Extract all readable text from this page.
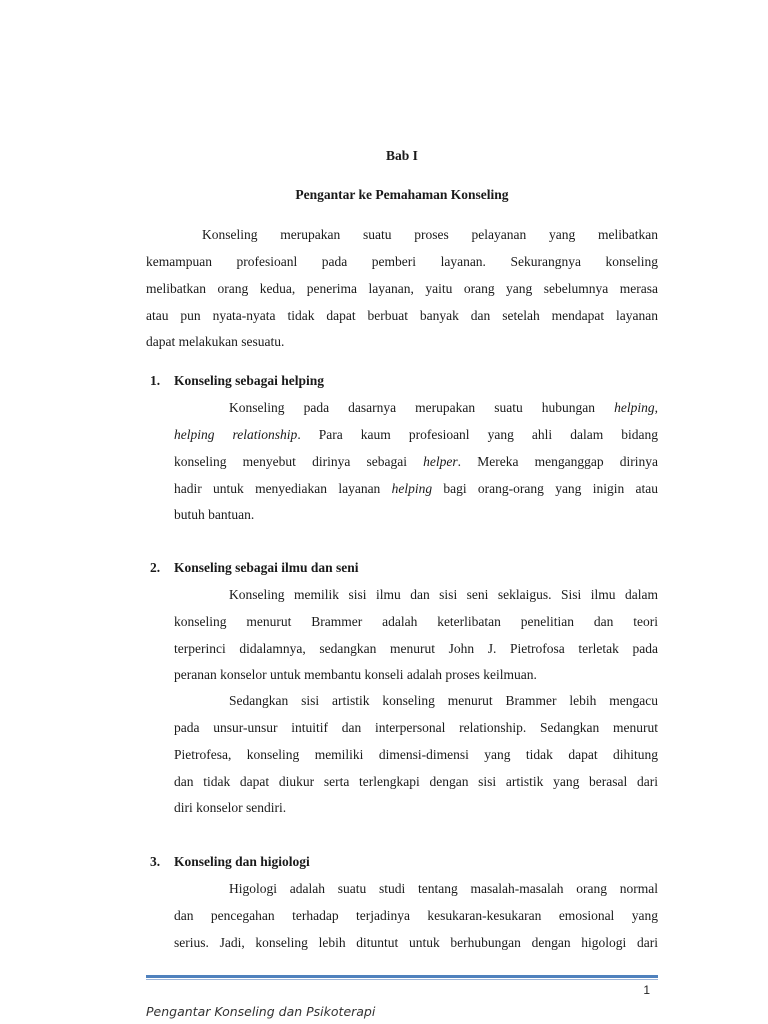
Bab I
Pengantar ke Pemahaman Konseling
Konseling merupakan suatu proses pelayanan yang melibatkan
kemampuan profesioanl pada pemberi layanan. Sekurangnya konseling
melibatkan orang kedua, penerima layanan, yaitu orang yang sebelumnya merasa
atau pun nyata-nyata tidak dapat berbuat banyak dan setelah mendapat layanan
dapat melakukan sesuatu.
1. Konseling sebagai helping
Konseling pada dasarnya merupakan suatu hubungan helping,
helping relationship. Para kaum profesioanl yang ahli dalam bidang
konseling menyebut dirinya sebagai helper. Mereka menganggap dirinya
hadir untuk menyediakan layanan helping bagi orang-orang yang inigin atau
butuh bantuan.
2. Konseling sebagai ilmu dan seni
Konseling memilik sisi ilmu dan sisi seni seklaigus. Sisi ilmu dalam
konseling menurut Brammer adalah keterlibatan penelitian dan teori
terperinci didalamnya, sedangkan menurut John J. Pietrofosa terletak pada
peranan konselor untuk membantu konseli adalah proses keilmuan.
Sedangkan sisi artistik konseling menurut Brammer lebih mengacu
pada unsur-unsur intuitif dan interpersonal relationship. Sedangkan menurut
Pietrofesa, konseling memiliki dimensi-dimensi yang tidak dapat dihitung
dan tidak dapat diukur serta terlengkapi dengan sisi artistik yang berasal dari
diri konselor sendiri.
3. Konseling dan higiologi
Higologi adalah suatu studi tentang masalah-masalah orang normal
dan pencegahan terhadap terjadinya kesukaran-kesukaran emosional yang
serius. Jadi, konseling lebih dituntut untuk berhubungan dengan higologi dari
1
Pengantar Konseling dan Psikoterapi
